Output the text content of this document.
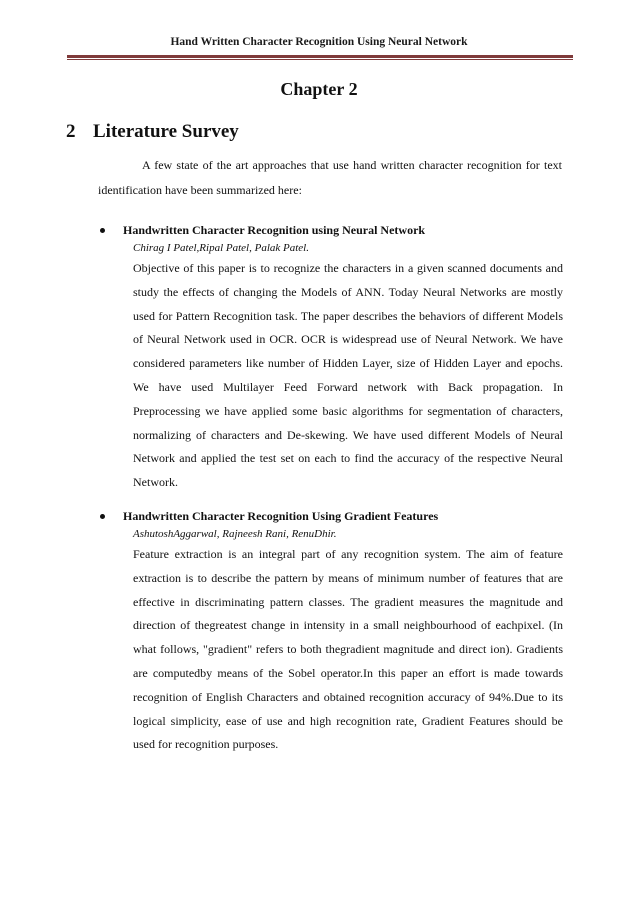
Hand Written Character Recognition Using Neural Network
Chapter 2
2 Literature Survey
A few state of the art approaches that use hand written character recognition for text identification have been summarized here:
Handwritten Character Recognition using Neural Network
Chirag I Patel,Ripal Patel, Palak Patel.
Objective of this paper is to recognize the characters in a given scanned documents and study the effects of changing the Models of ANN. Today Neural Networks are mostly used for Pattern Recognition task. The paper describes the behaviors of different Models of Neural Network used in OCR. OCR is widespread use of Neural Network. We have considered parameters like number of Hidden Layer, size of Hidden Layer and epochs. We have used Multilayer Feed Forward network with Back propagation. In Preprocessing we have applied some basic algorithms for segmentation of characters, normalizing of characters and De-skewing. We have used different Models of Neural Network and applied the test set on each to find the accuracy of the respective Neural Network.
Handwritten Character Recognition Using Gradient Features
AshutoshAggarwal, Rajneesh Rani, RenuDhir.
Feature extraction is an integral part of any recognition system. The aim of feature extraction is to describe the pattern by means of minimum number of features that are effective in discriminating pattern classes. The gradient measures the magnitude and direction of thegreatest change in intensity in a small neighbourhood of eachpixel. (In what follows, "gradient" refers to both thegradient magnitude and direct ion). Gradients are computedby means of the Sobel operator.In this paper an effort is made towards recognition of English Characters and obtained recognition accuracy of 94%.Due to its logical simplicity, ease of use and high recognition rate, Gradient Features should be used for recognition purposes.
